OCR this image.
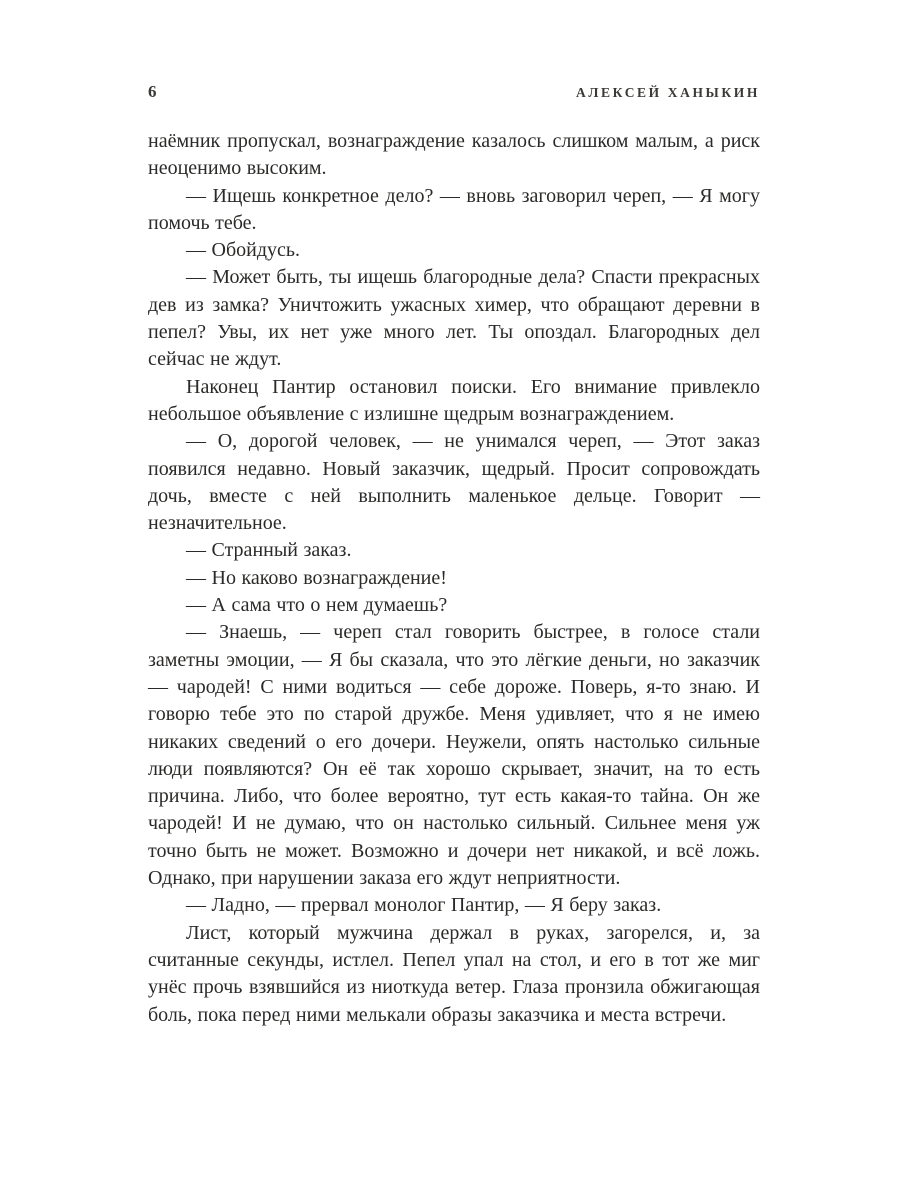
6	АЛЕКСЕЙ ХАНЫКИН

наёмник пропускал, вознаграждение казалось слишком малым, а риск неоценимо высоким.

— Ищешь конкретное дело? — вновь заговорил череп, — Я могу помочь тебе.

— Обойдусь.

— Может быть, ты ищешь благородные дела? Спасти прекрасных дев из замка? Уничтожить ужасных химер, что обращают деревни в пепел? Увы, их нет уже много лет. Ты опоздал. Благородных дел сейчас не ждут.

Наконец Пантир остановил поиски. Его внимание привлекло небольшое объявление с излишне щедрым вознаграждением.

— О, дорогой человек, — не унимался череп, — Этот заказ появился недавно. Новый заказчик, щедрый. Просит сопровождать дочь, вместе с ней выполнить маленькое дельце. Говорит — незначительное.

— Странный заказ.

— Но каково вознаграждение!

— А сама что о нем думаешь?

— Знаешь, — череп стал говорить быстрее, в голосе стали заметны эмоции, — Я бы сказала, что это лёгкие деньги, но заказчик — чародей! С ними водиться — себе дороже. Поверь, я-то знаю. И говорю тебе это по старой дружбе. Меня удивляет, что я не имею никаких сведений о его дочери. Неужели, опять настолько сильные люди появляются? Он её так хорошо скрывает, значит, на то есть причина. Либо, что более вероятно, тут есть какая-то тайна. Он же чародей! И не думаю, что он настолько сильный. Сильнее меня уж точно быть не может. Возможно и дочери нет никакой, и всё ложь. Однако, при нарушении заказа его ждут неприятности.

— Ладно, — прервал монолог Пантир, — Я беру заказ.

Лист, который мужчина держал в руках, загорелся, и, за считанные секунды, истлел. Пепел упал на стол, и его в тот же миг унёс прочь взявшийся из ниоткуда ветер. Глаза пронзила обжигающая боль, пока перед ними мелькали образы заказчика и места встречи.
